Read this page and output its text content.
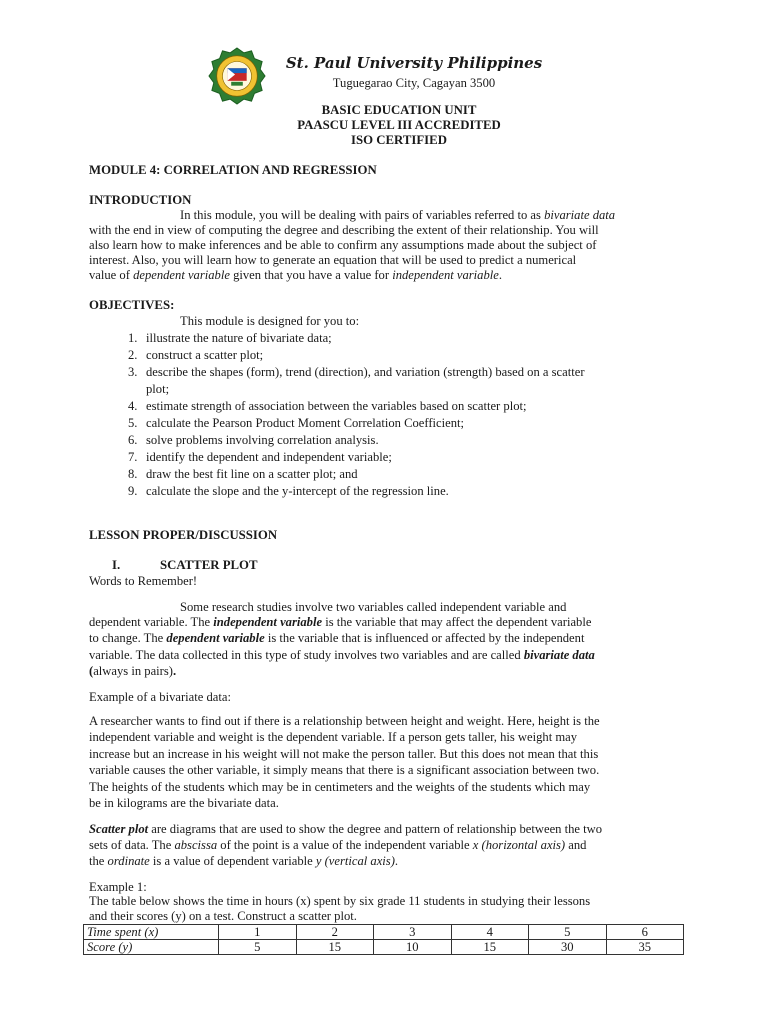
St. Paul University Philippines
Tuguegarao City, Cagayan 3500
BASIC EDUCATION UNIT
PAASCU LEVEL III ACCREDITED
ISO CERTIFIED
MODULE 4: CORRELATION AND REGRESSION
INTRODUCTION
In this module, you will be dealing with pairs of variables referred to as bivariate data
with the end in view of computing the degree and describing the extent of their relationship. You will
also learn how to make inferences and be able to confirm any assumptions made about the subject of
interest. Also, you will learn how to generate an equation that will be used to predict a numerical
value of dependent variable given that you have a value for independent variable.
OBJECTIVES:
This module is designed for you to:
1. illustrate the nature of bivariate data;
2. construct a scatter plot;
3. describe the shapes (form), trend (direction), and variation (strength) based on a scatter
plot;
4. estimate strength of association between the variables based on scatter plot;
5. calculate the Pearson Product Moment Correlation Coefficient;
6. solve problems involving correlation analysis.
7. identify the dependent and independent variable;
8. draw the best fit line on a scatter plot; and
9. calculate the slope and the y-intercept of the regression line.
LESSON PROPER/DISCUSSION
I.	SCATTER PLOT
Words to Remember!
Some research studies involve two variables called independent variable and
dependent variable. The independent variable is the variable that may affect the dependent variable
to change. The dependent variable is the variable that is influenced or affected by the independent
variable. The data collected in this type of study involves two variables and are called bivariate data
(always in pairs).
Example of a bivariate data:
A researcher wants to find out if there is a relationship between height and weight. Here, height is the
independent variable and weight is the dependent variable. If a person gets taller, his weight may
increase but an increase in his weight will not make the person taller. But this does not mean that this
variable causes the other variable, it simply means that there is a significant association between two.
The heights of the students which may be in centimeters and the weights of the students which may
be in kilograms are the bivariate data.
Scatter plot are diagrams that are used to show the degree and pattern of relationship between the two
sets of data. The abscissa of the point is a value of the independent variable x (horizontal axis) and
the ordinate is a value of dependent variable y (vertical axis).
Example 1:
The table below shows the time in hours (x) spent by six grade 11 students in studying their lessons
and their scores (y) on a test. Construct a scatter plot.
Time spent (x)	1	2	3	4	5	6
Score (y)	5	15	10	15	30	35
